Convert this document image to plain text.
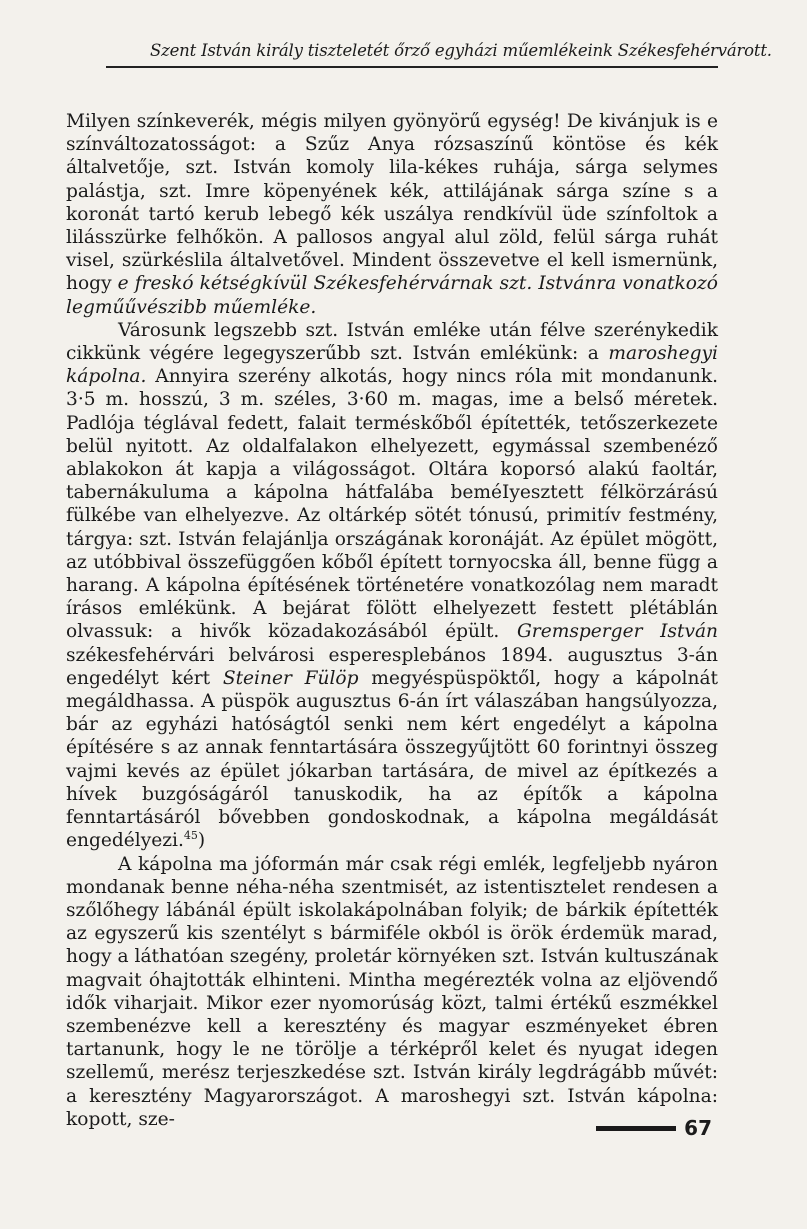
Szent István király tiszteletét őrző egyházi műemlékeink Székesfehérvárott.

Milyen színkeverék, mégis milyen gyönyörű egység! De kivánjuk is e színváltozatosságot: a Szűz Anya rózsaszínű köntöse és kék általvetője, szt. István komoly lila-kékes ruhája, sárga selymes palástja, szt. Imre köpenyének kék, attilájának sárga színe s a koronát tartó kerub lebegő kék uszálya rendkívül üde színfoltok a lilásszürke felhőkön. A pallosos angyal alul zöld, felül sárga ruhát visel, szürkéslila általvetővel. Mindent összevetve el kell ismernünk, hogy e freskó kétségkívül Székesfehérvárnak szt. Istvánra vonatkozó legműűvészibb műemléke.

Városunk legszebb szt. István emléke után félve szerénykedik cikkünk végére legegyszerűbb szt. István emlékünk: a maroshegyi kápolna. Annyira szerény alkotás, hogy nincs róla mit mondanunk. 3·5 m. hosszú, 3 m. széles, 3·60 m. magas, ime a belső méretek. Padlója téglával fedett, falait terméskőből építették, tetőszerkezete belül nyitott. Az oldalfalakon elhelyezett, egymással szembenéző ablakokon át kapja a világosságot. Oltára koporsó alakú faoltár, tabernákuluma a kápolna hátfalába beméIyesztett félkörzárású fülkébe van elhelyezve. Az oltárkép sötét tónusú, primitív festmény, tárgya: szt. István felajánlja országának koronáját. Az épület mögött, az utóbbival összefüggően kőből épített tornyocska áll, benne függ a harang. A kápolna építésének történetére vonatkozólag nem maradt írásos emlékünk. A bejárat fölött elhelyezett festett plétáblán olvassuk: a hivők közadakozásából épült. Gremsperger István székesfehérvári belvárosi esperesplebános 1894. augusztus 3-án engedélyt kért Steiner Fülöp megyéspüspöktől, hogy a kápolnát megáldhassa. A püspök augusztus 6-án írt válaszában hangsúlyozza, bár az egyházi hatóságtól senki nem kért engedélyt a kápolna építésére s az annak fenntartására összegyűjtött 60 forintnyi összeg vajmi kevés az épület jókarban tartására, de mivel az építkezés a hívek buzgóságáról tanuskodik, ha az építők a kápolna fenntartásáról bővebben gondoskodnak, a kápolna megáldását engedélyezi.$^{45}$)

A kápolna ma jóformán már csak régi emlék, legfeljebb nyáron mondanak benne néha-néha szentmisét, az istentisztelet rendesen a szőlőhegy lábánál épült iskolakápolnában folyik; de bárkik építették az egyszerű kis szentélyt s bármiféle okból is örök érdemük marad, hogy a láthatóan szegény, proletár környéken szt. István kultuszának magvait óhajtották elhinteni. Mintha megérezték volna az eljövendő idők viharjait. Mikor ezer nyomorúság közt, talmi értékű eszmékkel szembenézve kell a keresztény és magyar eszményeket ébren tartanunk, hogy le ne törölje a térképről kelet és nyugat idegen szellemű, merész terjeszkedése szt. István király legdrágább művét: a keresztény Magyarországot. A maroshegyi szt. István kápolna: kopott, sze-	67
